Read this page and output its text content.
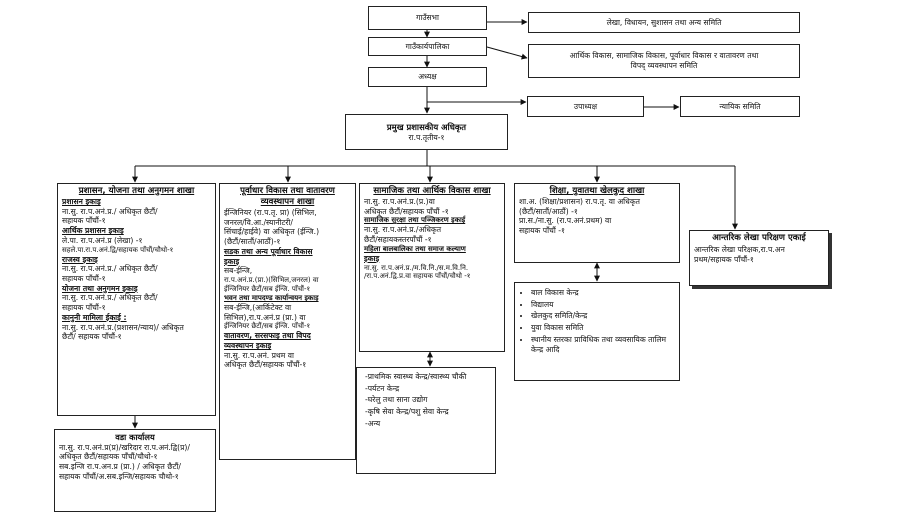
गाउँसभा
गाउँकार्यपालिका
अध्यक्ष
लेखा, विधायन, सुशासन तथा अन्य समिति
आर्थिक विकास, सामाजिक विकास, पूर्वाधार विकास र वातावरण तथा
विपद् व्यवस्थापन समिति
उपाध्यक्ष	न्यायिक समिति
प्रमुख प्रशासकीय अधिकृत
रा.प.तृतीय-१
प्रशासन, योजना तथा अनुगमन शाखा
प्रशासन इकाइ
ना.सु. रा.प.अनं.प्र./ अधिकृत छैटौं/
सहायक पाँचौं-१
आर्थिक प्रशासन इकाइ
ले.पा. रा.प.अनं.प्र (लेखा) -१
सहले.पा.रा.प.अनं.द्वि/सहायक पाँचौं/चौथो-१
राजस्व इकाइ
ना.सु. रा.प.अनं.प्र./ अधिकृत छैटौं/
सहायक पाँचौं-१
योजना तथा अनुगमन इकाइ
ना.सु. रा.प.अनं.प्र./ अधिकृत छैटौं/
सहायक पाँचौं-१
कानुनी मामिला ईकाई :
ना.सु. रा.प.अनं.प्र.(प्रशासन/न्याय)/ अधिकृत
छैटौं/ सहायक पाँचौं-१
वडा कार्यालय
ना.सु. रा.प.अनं.प्र(प्र)/खरिदार रा.प.अनं.द्वि(प्र)/
अधिकृत छैटौं/सहायक पाँचौं/चौथो-१
सब.इन्जि रा.प.अन.प्र (प्रा.) / अधिकृत छैटौं/
सहायक पाँचौं/अ.सब.इन्जि/सहायक चौथो-१
पूर्वाधार विकास तथा वातावरण
व्यवस्थापन शाखा
ईन्जिनियर (रा.प.तृ. प्रा) (सिभिल,
जनरल/वि.आ./स्यानीटरी/
सिंचाई/हाईवे) वा अधिकृत (ईन्जि.)
(छैटौं/सातौं/आठौं)-१
सडक तथा अन्य पूर्वाधार विकास
इकाइ
सब-ईन्जि,
रा.प.अनं.प्र.(प्रा.)(सिभिल,जनरल) वा
ईन्जिनियर छैटौं/सब ईन्जि. पाँचौं-१
भवन तथा मापदण्ड कार्यान्वयन इकाइ
सब-ईन्जि,(आर्किटेक्ट वा
सिभिल),रा.प.अनं.प्र (प्रा.) वा
ईन्जिनियर छैटौं/सब ईन्जि. पाँचौं-१
वातावरण, सरसफाइ तथा विपद
व्यवस्थापन इकाइ
ना.सु. रा.प.अनं. प्रथम वा
अधिकृत छैटौं/सहायक पाँचौं-१
सामाजिक तथा आर्थिक विकास शाखा
ना.सु. रा.प.अनं.प्र.(प्र.)वा
अधिकृत छैटौं/सहायक पाँचौं -१
सामाजिक सुरक्षा तथा पञ्जिकरण इकाई
ना.सु. रा.प.अनं.प्र./अधिकृत
छैटौं/सहायकस्तरपाँचौं -१
महिला बालबालिका तथा समाज कल्याण
इकाइ
ना.सु. रा.प.अनं.प्र./म.वि.नि./स.म.वि.नि.
/रा.प.अनं.द्वि.प्र.वा सहायक पाँचौं/चौथो -१
-प्राथमिक स्वास्थ्य केन्द्र/स्वास्थ्य चौकी
-पर्यटन केन्द्र
-घरेलु तथा साना उद्योग
-कृषि सेवा केन्द्र/पशु सेवा केन्द्र
-अन्य
शिक्षा, युवातथा खेलकुद शाखा
शा.अ. (शिक्षा/प्रशासन) रा.प.तृ. वा अधिकृत
(छैटौं/सातौं/आठौं) -१
प्रा.स./ना.सु. (रा.प.अनं.प्रथम) वा
सहायक पाँचौं -१
• बाल विकास केन्द्र
• विद्यालय
• खेलकुद समिति/केन्द्र
• युवा विकास समिति
• स्थानीय स्तरका प्राविधिक तथा व्यवसायिक तालिम केन्द्र आदि
आन्तरिक लेखा परिक्षण एकाई
आन्तरिक लेखा परिक्षक,रा.प.अन
प्रथम/सहायक पाँचौं-१
